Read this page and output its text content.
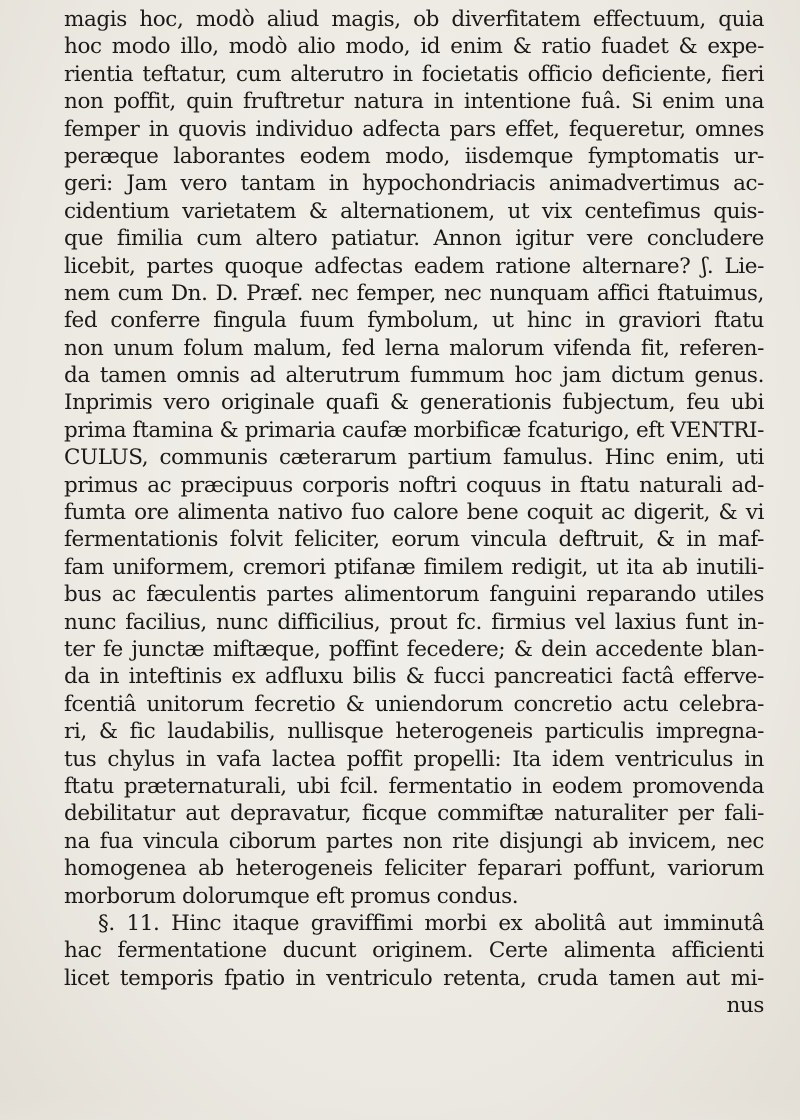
magis hoc, modò aliud magis, ob diverfitatem effectuum, quia
hoc modo illo, modò alio modo, id enim & ratio fuadet & expe-
rientia teftatur, cum alterutro in focietatis officio deficiente, fieri
non poffit, quin fruftretur natura in intentione fuâ. Si enim una
femper in quovis individuo adfecta pars effet, fequeretur, omnes
peræque laborantes eodem modo, iisdemque fymptomatis ur-
geri: Jam vero tantam in hypochondriacis animadvertimus ac-
cidentium varietatem & alternationem, ut vix centefimus quis-
que fimilia cum altero patiatur. Annon igitur vere concludere
licebit, partes quoque adfectas eadem ratione alternare? ʃ. Lie-
nem cum Dn. D. Præf. nec femper, nec nunquam affici ftatuimus,
fed conferre fingula fuum fymbolum, ut hinc in graviori ftatu
non unum folum malum, fed lerna malorum vifenda fit, referen-
da tamen omnis ad alterutrum fummum hoc jam dictum genus.
Inprimis vero originale quafi & generationis fubjectum, feu ubi
prima ftamina & primaria caufæ morbificæ fcaturigo, eft VENTRI-
CULUS, communis cæterarum partium famulus. Hinc enim, uti
primus ac præcipuus corporis noftri coquus in ftatu naturali ad-
fumta ore alimenta nativo fuo calore bene coquit ac digerit, & vi
fermentationis folvit feliciter, eorum vincula deftruit, & in maf-
fam uniformem, cremori ptifanæ fimilem redigit, ut ita ab inutili-
bus ac fæculentis partes alimentorum fanguini reparando utiles
nunc facilius, nunc difficilius, prout fc. firmius vel laxius funt in-
ter fe junctæ miftæque, poffint fecedere; & dein accedente blan-
da in inteftinis ex adfluxu bilis & fucci pancreatici factâ efferve-
fcentiâ unitorum fecretio & uniendorum concretio actu celebra-
ri, & fic laudabilis, nullisque heterogeneis particulis impregna-
tus chylus in vafa lactea poffit propelli: Ita idem ventriculus in
ftatu præternaturali, ubi fcil. fermentatio in eodem promovenda
debilitatur aut depravatur, ficque commiftæ naturaliter per fali-
na fua vincula ciborum partes non rite disjungi ab invicem, nec
homogenea ab heterogeneis feliciter feparari poffunt, variorum
morborum dolorumque eft promus condus.
§. 11. Hinc itaque graviffimi morbi ex abolitâ aut imminutâ
hac fermentatione ducunt originem. Certe alimenta afficienti
licet temporis fpatio in ventriculo retenta, cruda tamen aut mi-
nus
